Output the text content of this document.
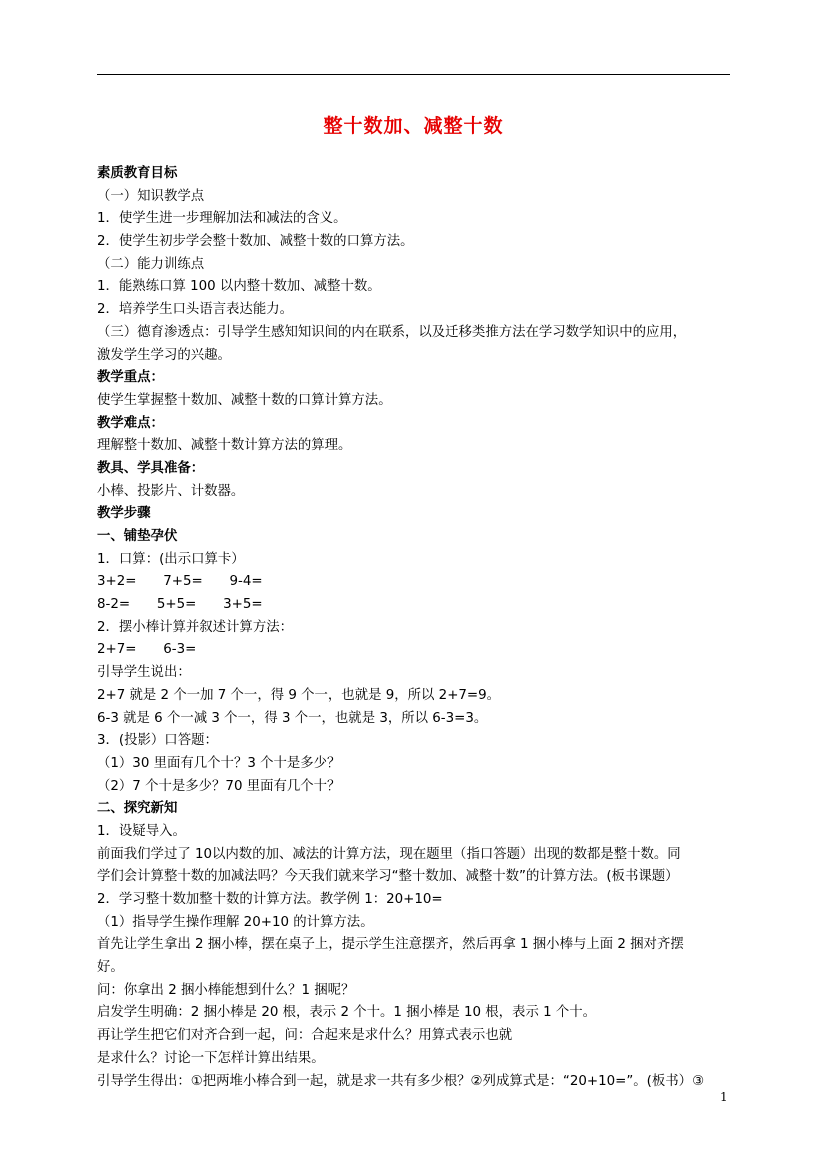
整十数加、减整十数
素质教育目标
（一）知识教学点
1．使学生进一步理解加法和减法的含义。
2．使学生初步学会整十数加、减整十数的口算方法。
（二）能力训练点
1．能熟练口算 100 以内整十数加、减整十数。
2．培养学生口头语言表达能力。
（三）德育渗透点：引导学生感知知识间的内在联系，以及迁移类推方法在学习数学知识中的应用，
激发学生学习的兴趣。
教学重点：
使学生掌握整十数加、减整十数的口算计算方法。
教学难点：
理解整十数加、减整十数计算方法的算理。
教具、学具准备：
小棒、投影片、计数器。
教学步骤
一、铺垫孕伏
1．口算：(出示口算卡）
3+2=　　7+5=　　9-4=
8-2=　　5+5=　　3+5=
2．摆小棒计算并叙述计算方法：
2+7=　　6-3=
引导学生说出：
2+7 就是 2 个一加 7 个一，得 9 个一，也就是 9，所以 2+7=9。
6-3 就是 6 个一减 3 个一，得 3 个一，也就是 3，所以 6-3=3。
3．(投影）口答题：
（1）30 里面有几个十？3 个十是多少？
（2）7 个十是多少？70 里面有几个十？
二、探究新知
1．设疑导入。
前面我们学过了 10以内数的加、减法的计算方法，现在题里（指口答题）出现的数都是整十数。同
学们会计算整十数的加减法吗？今天我们就来学习“整十数加、减整十数”的计算方法。(板书课题）
2．学习整十数加整十数的计算方法。教学例 1：20+10=
（1）指导学生操作理解 20+10 的计算方法。
首先让学生拿出 2 捆小棒，摆在桌子上，提示学生注意摆齐，然后再拿 1 捆小棒与上面 2 捆对齐摆
好。
问：你拿出 2 捆小棒能想到什么？1 捆呢？
启发学生明确：2 捆小棒是 20 根，表示 2 个十。1 捆小棒是 10 根，表示 1 个十。
再让学生把它们对齐合到一起，问：合起来是求什么？用算式表示也就
是求什么？讨论一下怎样计算出结果。
引导学生得出：①把两堆小棒合到一起，就是求一共有多少根？②列成算式是：“20+10=”。(板书）③
1
